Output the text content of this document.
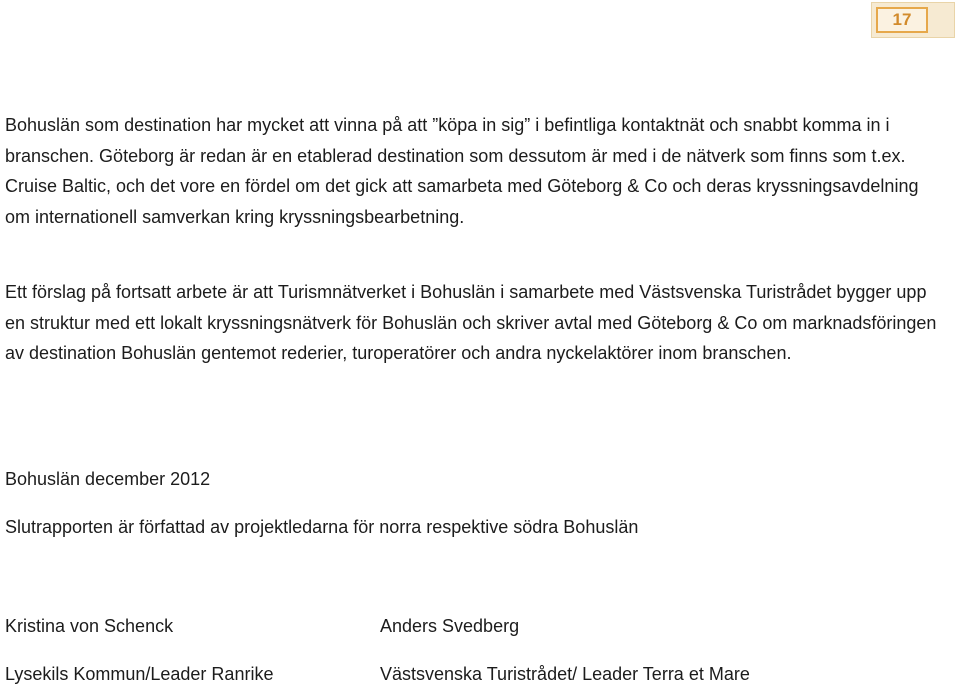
17

Bohuslän som destination har mycket att vinna på att ”köpa in sig” i befintliga kontaktnät och snabbt komma in i branschen. Göteborg är redan är en etablerad destination som dessutom är med i de nätverk som finns som t.ex. Cruise Baltic, och det vore en fördel om det gick att samarbeta med Göteborg & Co och deras kryssningsavdelning om internationell samverkan kring kryssningsbearbetning.

Ett förslag på fortsatt arbete är att Turismnätverket i Bohuslän i samarbete med Västsvenska Turistrådet bygger upp en struktur med ett lokalt kryssningsnätverk för Bohuslän och skriver avtal med Göteborg & Co om marknadsföringen av destination Bohuslän gentemot rederier, turoperatörer och andra nyckelaktörer inom branschen.

Bohuslän december 2012

Slutrapporten är författad av projektledarna för norra respektive södra Bohuslän

Kristina von Schenck

Lysekils Kommun/Leader Ranrike

Anders Svedberg

Västsvenska Turistrådet/ Leader Terra et Mare
